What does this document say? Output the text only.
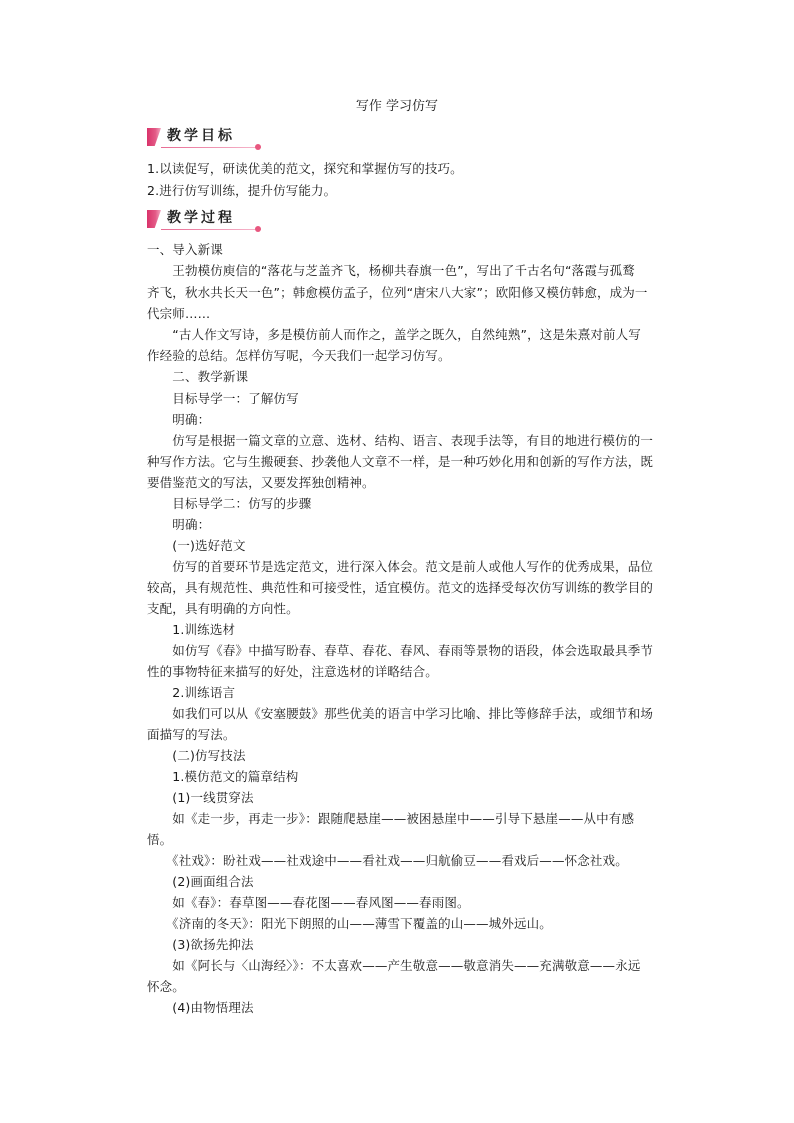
写作 学习仿写
教学目标
1.以读促写，研读优美的范文，探究和掌握仿写的技巧。
2.进行仿写训练，提升仿写能力。
教学过程
一、导入新课
　　王勃模仿庾信的“落花与芝盖齐飞，杨柳共春旗一色”，写出了千古名句“落霞与孤鹜
齐飞，秋水共长天一色”；韩愈模仿孟子，位列“唐宋八大家”；欧阳修又模仿韩愈，成为一
代宗师……
　　“古人作文写诗，多是模仿前人而作之，盖学之既久，自然纯熟”，这是朱熹对前人写
作经验的总结。怎样仿写呢，今天我们一起学习仿写。
　　二、教学新课
　　目标导学一：了解仿写
　　明确：
　　仿写是根据一篇文章的立意、选材、结构、语言、表现手法等，有目的地进行模仿的一
种写作方法。它与生搬硬套、抄袭他人文章不一样，是一种巧妙化用和创新的写作方法，既
要借鉴范文的写法，又要发挥独创精神。
　　目标导学二：仿写的步骤
　　明确：
　　(一)选好范文
　　仿写的首要环节是选定范文，进行深入体会。范文是前人或他人写作的优秀成果，品位
较高，具有规范性、典范性和可接受性，适宜模仿。范文的选择受每次仿写训练的教学目的
支配，具有明确的方向性。
　　1.训练选材
　　如仿写《春》中描写盼春、春草、春花、春风、春雨等景物的语段，体会选取最具季节
性的事物特征来描写的好处，注意选材的详略结合。
　　2.训练语言
　　如我们可以从《安塞腰鼓》那些优美的语言中学习比喻、排比等修辞手法，或细节和场
面描写的写法。
　　(二)仿写技法
　　1.模仿范文的篇章结构
　　(1)一线贯穿法
　　如《走一步，再走一步》：跟随爬悬崖——被困悬崖中——引导下悬崖——从中有感
悟。
　　《社戏》：盼社戏——社戏途中——看社戏——归航偷豆——看戏后——怀念社戏。
　　(2)画面组合法
　　如《春》：春草图——春花图——春风图——春雨图。
　　《济南的冬天》：阳光下朗照的山——薄雪下覆盖的山——城外远山。
　　(3)欲扬先抑法
　　如《阿长与〈山海经〉》：不太喜欢——产生敬意——敬意消失——充满敬意——永远
怀念。
　　(4)由物悟理法
